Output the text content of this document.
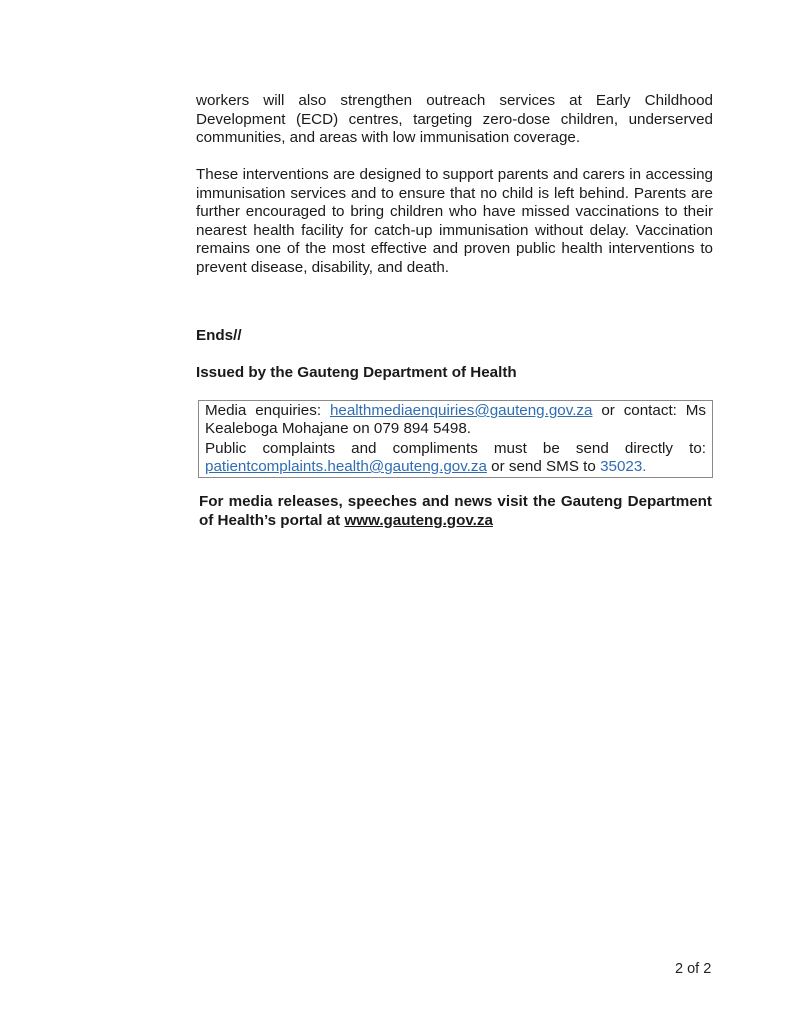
workers will also strengthen outreach services at Early Childhood Development (ECD) centres, targeting zero-dose children, underserved communities, and areas with low immunisation coverage.

These interventions are designed to support parents and carers in accessing immunisation services and to ensure that no child is left behind. Parents are further encouraged to bring children who have missed vaccinations to their nearest health facility for catch-up immunisation without delay. Vaccination remains one of the most effective and proven public health interventions to prevent disease, disability, and death.

Ends//

Issued by the Gauteng Department of Health

Media enquiries: healthmediaenquiries@gauteng.gov.za or contact: Ms Kealeboga Mohajane on 079 894 5498.
Public complaints and compliments must be send directly to: patientcomplaints.health@gauteng.gov.za or send SMS to 35023.

For media releases, speeches and news visit the Gauteng Department of Health’s portal at www.gauteng.gov.za

2 of 2
